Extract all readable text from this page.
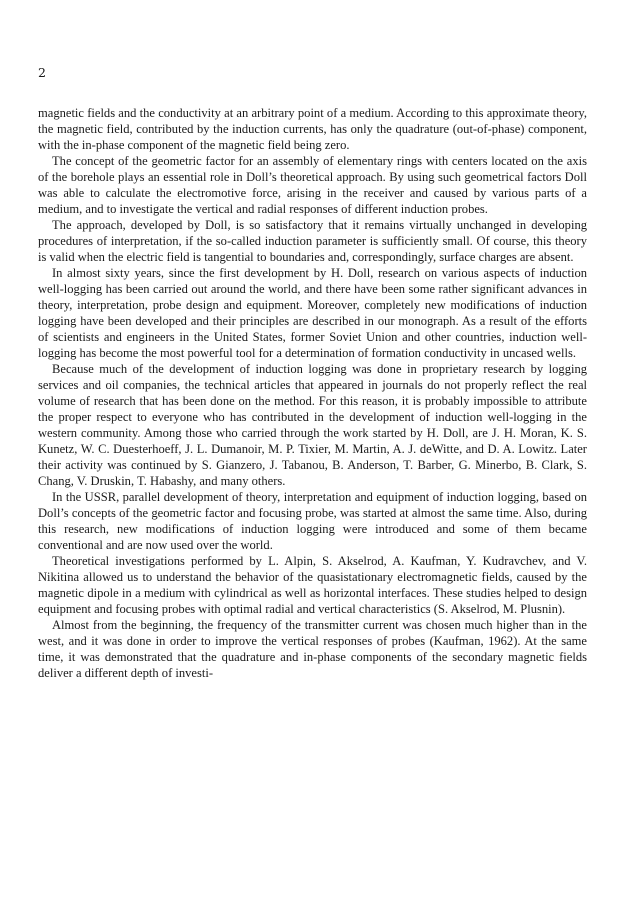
2

magnetic fields and the conductivity at an arbitrary point of a medium. According to this approximate theory, the magnetic field, contributed by the induction currents, has only the quadrature (out-of-phase) component, with the in-phase component of the magnetic field being zero.

The concept of the geometric factor for an assembly of elementary rings with centers located on the axis of the borehole plays an essential role in Doll’s theoretical approach. By using such geometrical factors Doll was able to calculate the electromotive force, arising in the receiver and caused by various parts of a medium, and to investigate the vertical and radial responses of different induction probes.

The approach, developed by Doll, is so satisfactory that it remains virtually unchanged in developing procedures of interpretation, if the so-called induction parameter is sufficiently small. Of course, this theory is valid when the electric field is tangential to boundaries and, correspondingly, surface charges are absent.

In almost sixty years, since the first development by H. Doll, research on various aspects of induction well-logging has been carried out around the world, and there have been some rather significant advances in theory, interpretation, probe design and equipment. Moreover, completely new modifications of induction logging have been developed and their principles are described in our monograph. As a result of the efforts of scientists and engineers in the United States, former Soviet Union and other countries, induction well-logging has become the most powerful tool for a determination of formation conductivity in uncased wells.

Because much of the development of induction logging was done in proprietary research by logging services and oil companies, the technical articles that appeared in journals do not properly reflect the real volume of research that has been done on the method. For this reason, it is probably impossible to attribute the proper respect to everyone who has contributed in the development of induction well-logging in the western community. Among those who carried through the work started by H. Doll, are J. H. Moran, K. S. Kunetz, W. C. Duesterhoeff, J. L. Dumanoir, M. P. Tixier, M. Martin, A. J. deWitte, and D. A. Lowitz. Later their activity was continued by S. Gianzero, J. Tabanou, B. Anderson, T. Barber, G. Minerbo, B. Clark, S. Chang, V. Druskin, T. Habashy, and many others.

In the USSR, parallel development of theory, interpretation and equipment of induction logging, based on Doll’s concepts of the geometric factor and focusing probe, was started at almost the same time. Also, during this research, new modifications of induction logging were introduced and some of them became conventional and are now used over the world.

Theoretical investigations performed by L. Alpin, S. Akselrod, A. Kaufman, Y. Kudravchev, and V. Nikitina allowed us to understand the behavior of the quasistationary electromagnetic fields, caused by the magnetic dipole in a medium with cylindrical as well as horizontal interfaces. These studies helped to design equipment and focusing probes with optimal radial and vertical characteristics (S. Akselrod, M. Plusnin).

Almost from the beginning, the frequency of the transmitter current was chosen much higher than in the west, and it was done in order to improve the vertical responses of probes (Kaufman, 1962). At the same time, it was demonstrated that the quadrature and in-phase components of the secondary magnetic fields deliver a different depth of investi-
